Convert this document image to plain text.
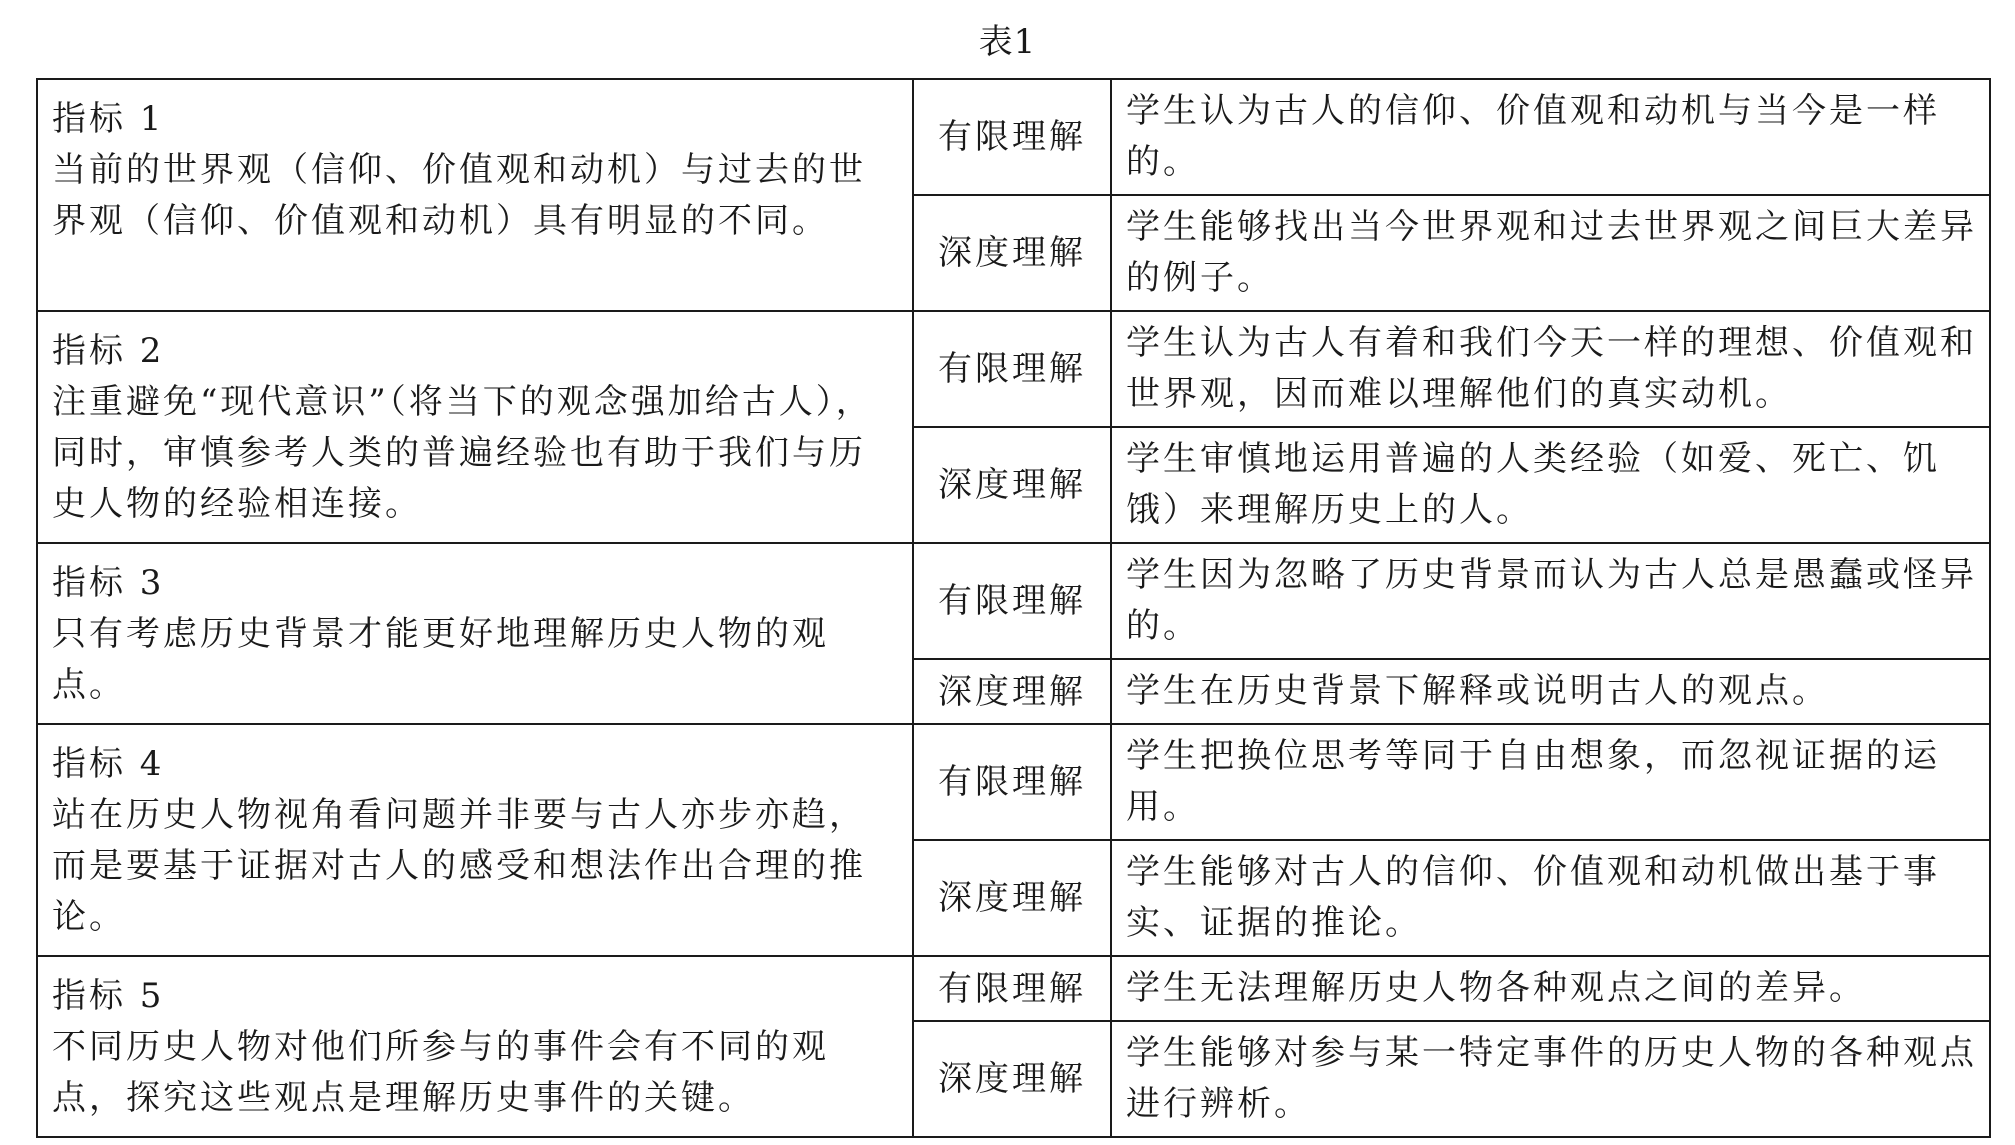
表1
指标 1
当前的世界观（信仰、价值观和动机）与过去的世界观（信仰、价值观和动机）具有明显的不同。	有限理解	学生认为古人的信仰、价值观和动机与当今是一样的。
	深度理解	学生能够找出当今世界观和过去世界观之间巨大差异的例子。

指标 2
注重避免“现代意识”（将当下的观念强加给古人），同时，审慎参考人类的普遍经验也有助于我们与历史人物的经验相连接。	有限理解	学生认为古人有着和我们今天一样的理想、价值观和世界观，因而难以理解他们的真实动机。
	深度理解	学生审慎地运用普遍的人类经验（如爱、死亡、饥饿）来理解历史上的人。

指标 3
只有考虑历史背景才能更好地理解历史人物的观点。	有限理解	学生因为忽略了历史背景而认为古人总是愚蠢或怪异的。
	深度理解	学生在历史背景下解释或说明古人的观点。

指标 4
站在历史人物视角看问题并非要与古人亦步亦趋，而是要基于证据对古人的感受和想法作出合理的推论。	有限理解	学生把换位思考等同于自由想象，而忽视证据的运用。
	深度理解	学生能够对古人的信仰、价值观和动机做出基于事实、证据的推论。

指标 5
不同历史人物对他们所参与的事件会有不同的观点，探究这些观点是理解历史事件的关键。	有限理解	学生无法理解历史人物各种观点之间的差异。
	深度理解	学生能够对参与某一特定事件的历史人物的各种观点进行辨析。
